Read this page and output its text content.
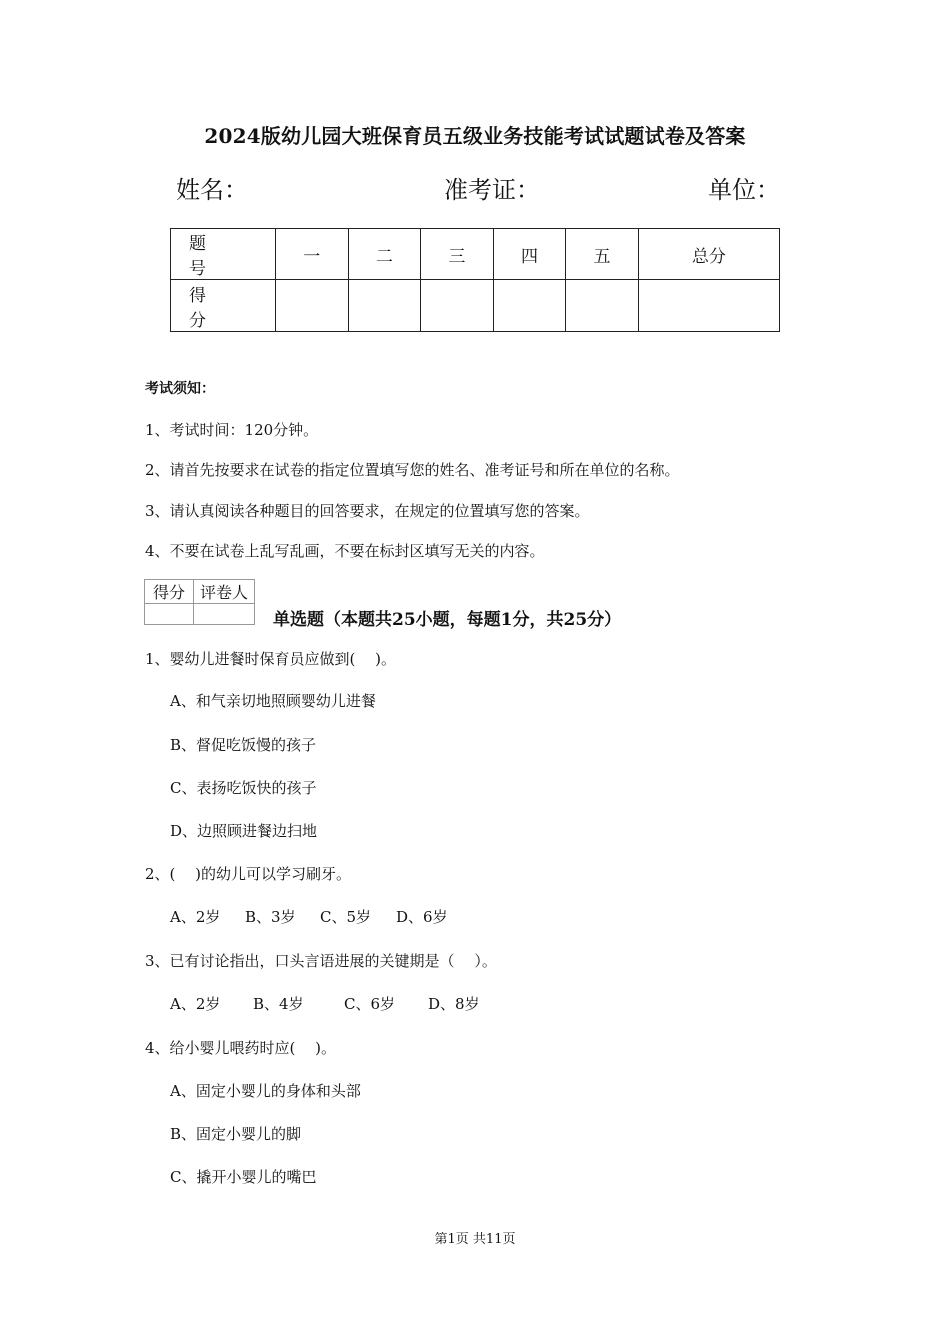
2024版幼儿园大班保育员五级业务技能考试试题试卷及答案
姓名：	准考证：	单位：
题　号	一	二	三	四	五	总分
得　分						
考试须知：
1、考试时间：120分钟。
2、请首先按要求在试卷的指定位置填写您的姓名、准考证号和所在单位的名称。
3、请认真阅读各种题目的回答要求，在规定的位置填写您的答案。
4、不要在试卷上乱写乱画，不要在标封区填写无关的内容。
得分	评卷人

单选题（本题共25小题，每题1分，共25分）
1、婴幼儿进餐时保育员应做到(　 )。
A、和气亲切地照顾婴幼儿进餐
B、督促吃饭慢的孩子
C、表扬吃饭快的孩子
D、边照顾进餐边扫地
2、(　 )的幼儿可以学习刷牙。
A、2岁 B、3岁 C、5岁 D、6岁
3、已有讨论指出，口头言语进展的关键期是（　 ）。
A、2岁 B、4岁	C、6岁 D、8岁
4、给小婴儿喂药时应(　 )。
A、固定小婴儿的身体和头部
B、固定小婴儿的脚
C、撬开小婴儿的嘴巴
第1页 共11页
